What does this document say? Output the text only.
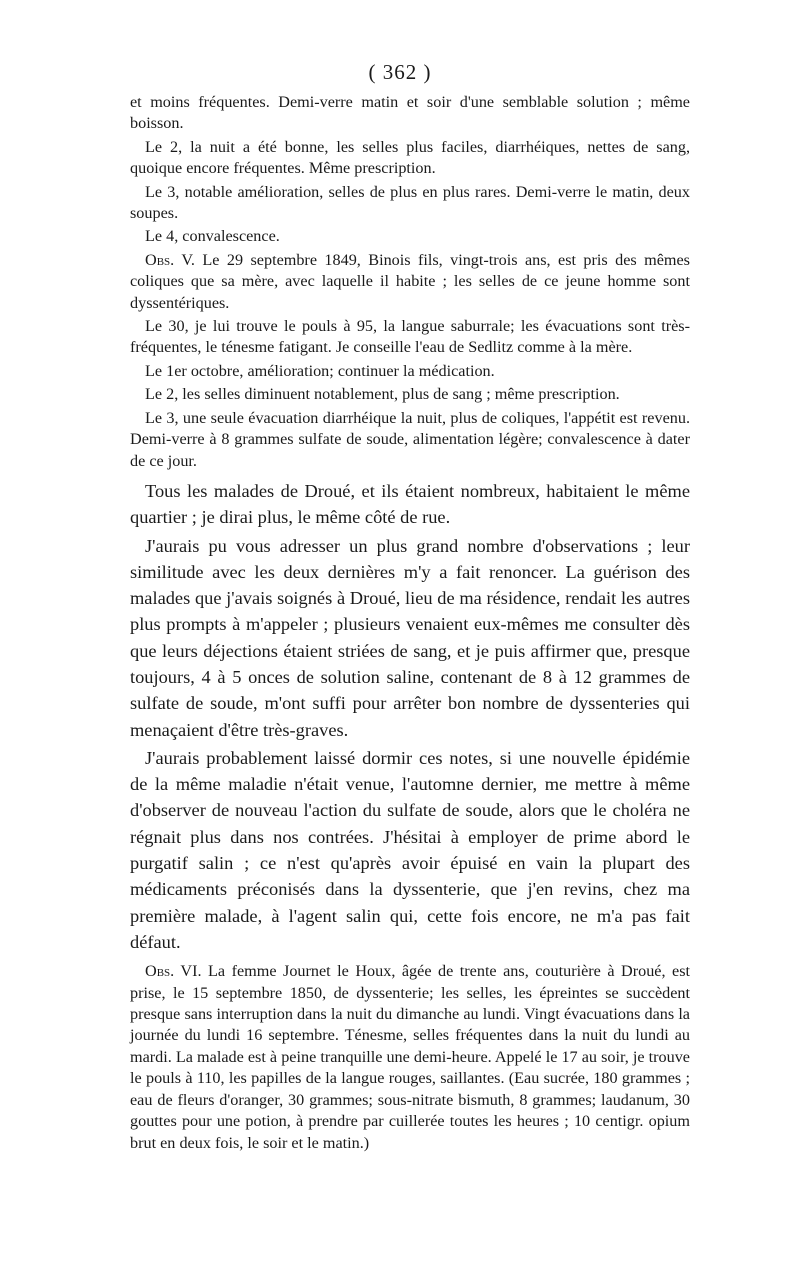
( 362 )

et moins fréquentes. Demi-verre matin et soir d'une semblable solution ; même boisson.

Le 2, la nuit a été bonne, les selles plus faciles, diarrhéiques, nettes de sang, quoique encore fréquentes. Même prescription.

Le 3, notable amélioration, selles de plus en plus rares. Demi-verre le matin, deux soupes.

Le 4, convalescence.

Obs. V. Le 29 septembre 1849, Binois fils, vingt-trois ans, est pris des mêmes coliques que sa mère, avec laquelle il habite ; les selles de ce jeune homme sont dyssentériques.

Le 30, je lui trouve le pouls à 95, la langue saburrale; les évacuations sont très-fréquentes, le ténesme fatigant. Je conseille l'eau de Sedlitz comme à la mère.

Le 1er octobre, amélioration; continuer la médication.

Le 2, les selles diminuent notablement, plus de sang ; même prescription.

Le 3, une seule évacuation diarrhéique la nuit, plus de coliques, l'appétit est revenu. Demi-verre à 8 grammes sulfate de soude, alimentation légère; convalescence à dater de ce jour.

Tous les malades de Droué, et ils étaient nombreux, habitaient le même quartier ; je dirai plus, le même côté de rue.

J'aurais pu vous adresser un plus grand nombre d'observations ; leur similitude avec les deux dernières m'y a fait renoncer. La guérison des malades que j'avais soignés à Droué, lieu de ma résidence, rendait les autres plus prompts à m'appeler ; plusieurs venaient eux-mêmes me consulter dès que leurs déjections étaient striées de sang, et je puis affirmer que, presque toujours, 4 à 5 onces de solution saline, contenant de 8 à 12 grammes de sulfate de soude, m'ont suffi pour arrêter bon nombre de dyssenteries qui menaçaient d'être très-graves.

J'aurais probablement laissé dormir ces notes, si une nouvelle épidémie de la même maladie n'était venue, l'automne dernier, me mettre à même d'observer de nouveau l'action du sulfate de soude, alors que le choléra ne régnait plus dans nos contrées. J'hésitai à employer de prime abord le purgatif salin ; ce n'est qu'après avoir épuisé en vain la plupart des médicaments préconisés dans la dyssenterie, que j'en revins, chez ma première malade, à l'agent salin qui, cette fois encore, ne m'a pas fait défaut.

Obs. VI. La femme Journet le Houx, âgée de trente ans, couturière à Droué, est prise, le 15 septembre 1850, de dyssenterie; les selles, les épreintes se succèdent presque sans interruption dans la nuit du dimanche au lundi. Vingt évacuations dans la journée du lundi 16 septembre. Ténesme, selles fréquentes dans la nuit du lundi au mardi. La malade est à peine tranquille une demi-heure. Appelé le 17 au soir, je trouve le pouls à 110, les papilles de la langue rouges, saillantes. (Eau sucrée, 180 grammes ; eau de fleurs d'oranger, 30 grammes; sous-nitrate bismuth, 8 grammes; laudanum, 30 gouttes pour une potion, à prendre par cuillerée toutes les heures ; 10 centigr. opium brut en deux fois, le soir et le matin.)
